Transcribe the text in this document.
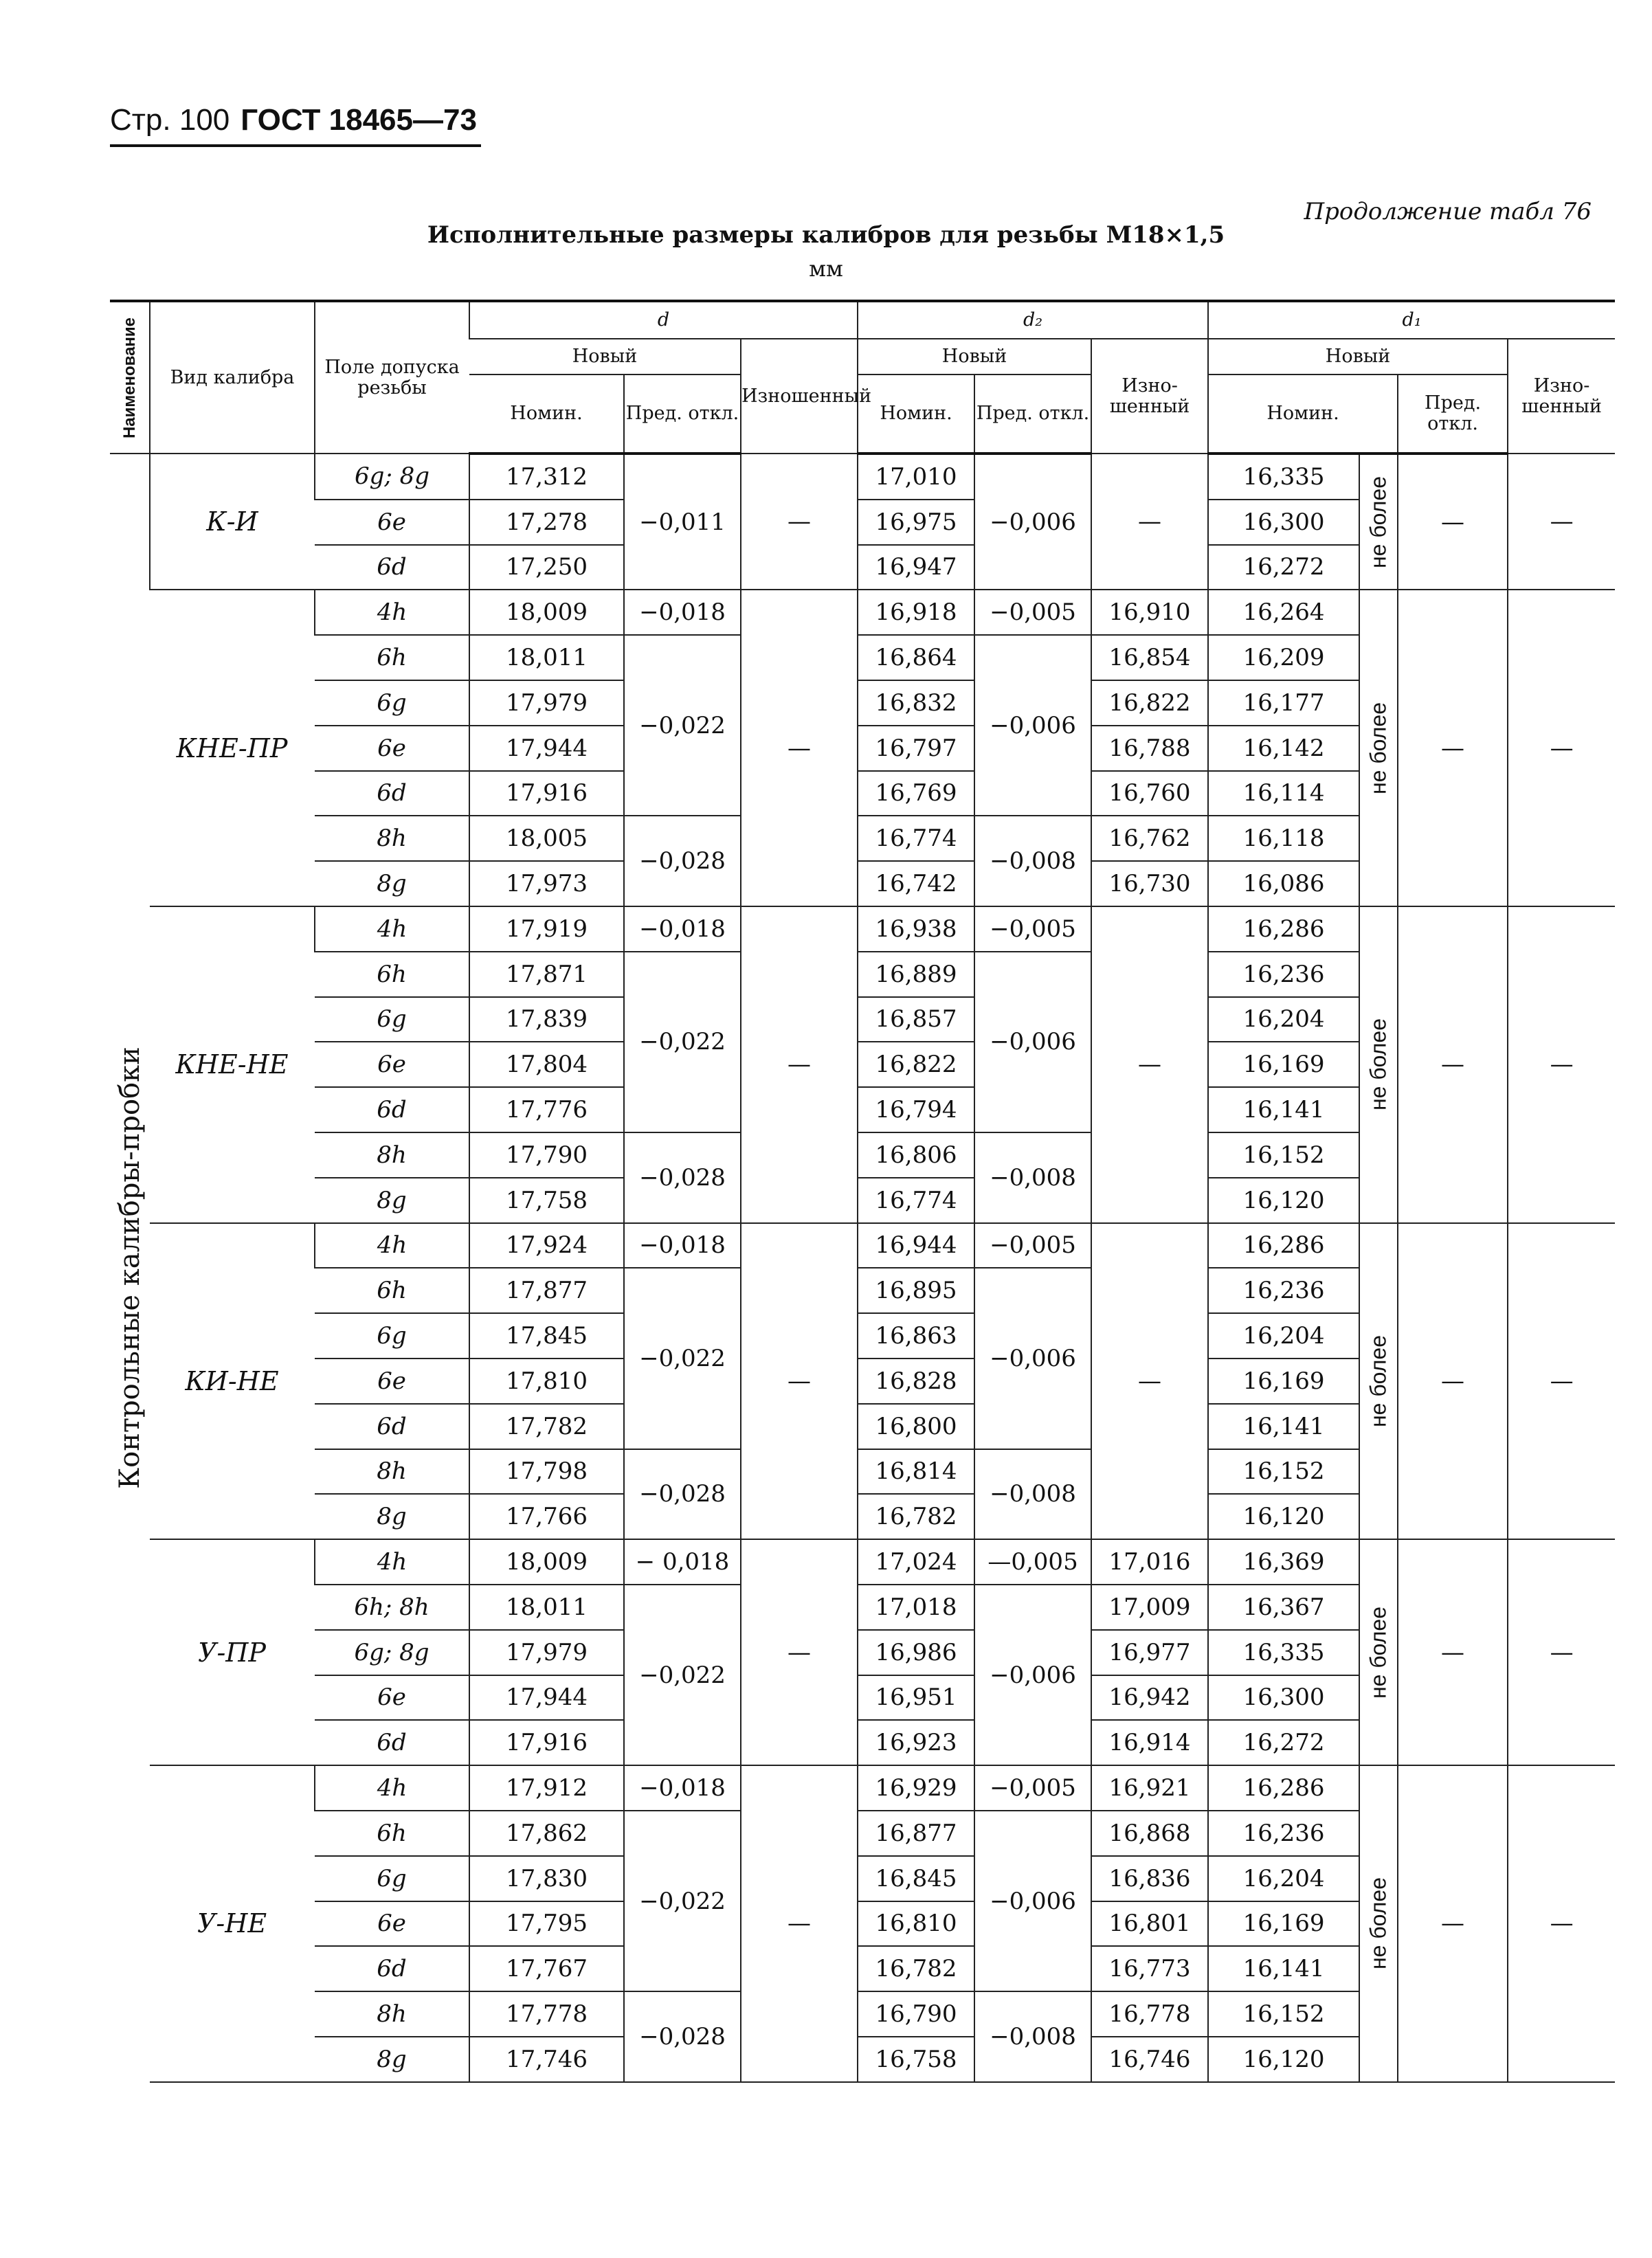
Стр. 100 ГОСТ 18465—73
Продолжение табл 76
Исполнительные размеры калибров для резьбы M18×1,5
мм
Наименование	Вид калибра	Поле допуска резьбы	d			d₂			d₁			
			Новый		Изношенный	Новый		Изно-шенный	Новый			Изно-шенный
			Номин.	Пред. откл.		Номин.	Пред. откл.		Номин.		Пред. откл.	

Контрольные калибры-пробки	К-И	6g; 8g	17,312	−0,011	—	17,010	−0,006	—	16,335	не более	—	—
		6e	17,278			16,975			16,300			
		6d	17,250			16,947			16,272			
	КНЕ-ПР	4h	18,009	−0,018	—	16,918	−0,005	16,910	16,264	не более	—	—
		6h	18,011	−0,022		16,864	−0,006	16,854	16,209			
		6g	17,979			16,832		16,822	16,177			
		6e	17,944			16,797		16,788	16,142			
		6d	17,916			16,769		16,760	16,114			
		8h	18,005	−0,028		16,774	−0,008	16,762	16,118			
		8g	17,973			16,742		16,730	16,086			
	КНЕ-НЕ	4h	17,919	−0,018	—	16,938	−0,005	—	16,286	не более	—	—
		6h	17,871	−0,022		16,889	−0,006		16,236			
		6g	17,839			16,857			16,204			
		6e	17,804			16,822			16,169			
		6d	17,776			16,794			16,141			
		8h	17,790	−0,028		16,806	−0,008		16,152			
		8g	17,758			16,774			16,120			
	КИ-НЕ	4h	17,924	−0,018	—	16,944	−0,005	—	16,286	не более	—	—
		6h	17,877	−0,022		16,895	−0,006		16,236			
		6g	17,845			16,863			16,204			
		6e	17,810			16,828			16,169			
		6d	17,782			16,800			16,141			
		8h	17,798	−0,028		16,814	−0,008		16,152			
		8g	17,766			16,782			16,120			
	У-ПР	4h	18,009	− 0,018	—	17,024	—0,005	17,016	16,369	не более	—	—
		6h; 8h	18,011	−0,022		17,018	−0,006	17,009	16,367			
		6g; 8g	17,979			16,986		16,977	16,335			
		6e	17,944			16,951		16,942	16,300			
		6d	17,916			16,923		16,914	16,272			
	У-НЕ	4h	17,912	−0,018	—	16,929	−0,005	16,921	16,286	не более	—	—
		6h	17,862	−0,022		16,877	−0,006	16,868	16,236			
		6g	17,830			16,845		16,836	16,204			
		6e	17,795			16,810		16,801	16,169			
		6d	17,767			16,782		16,773	16,141			
		8h	17,778	−0,028		16,790	−0,008	16,778	16,152			
		8g	17,746			16,758		16,746	16,120			
